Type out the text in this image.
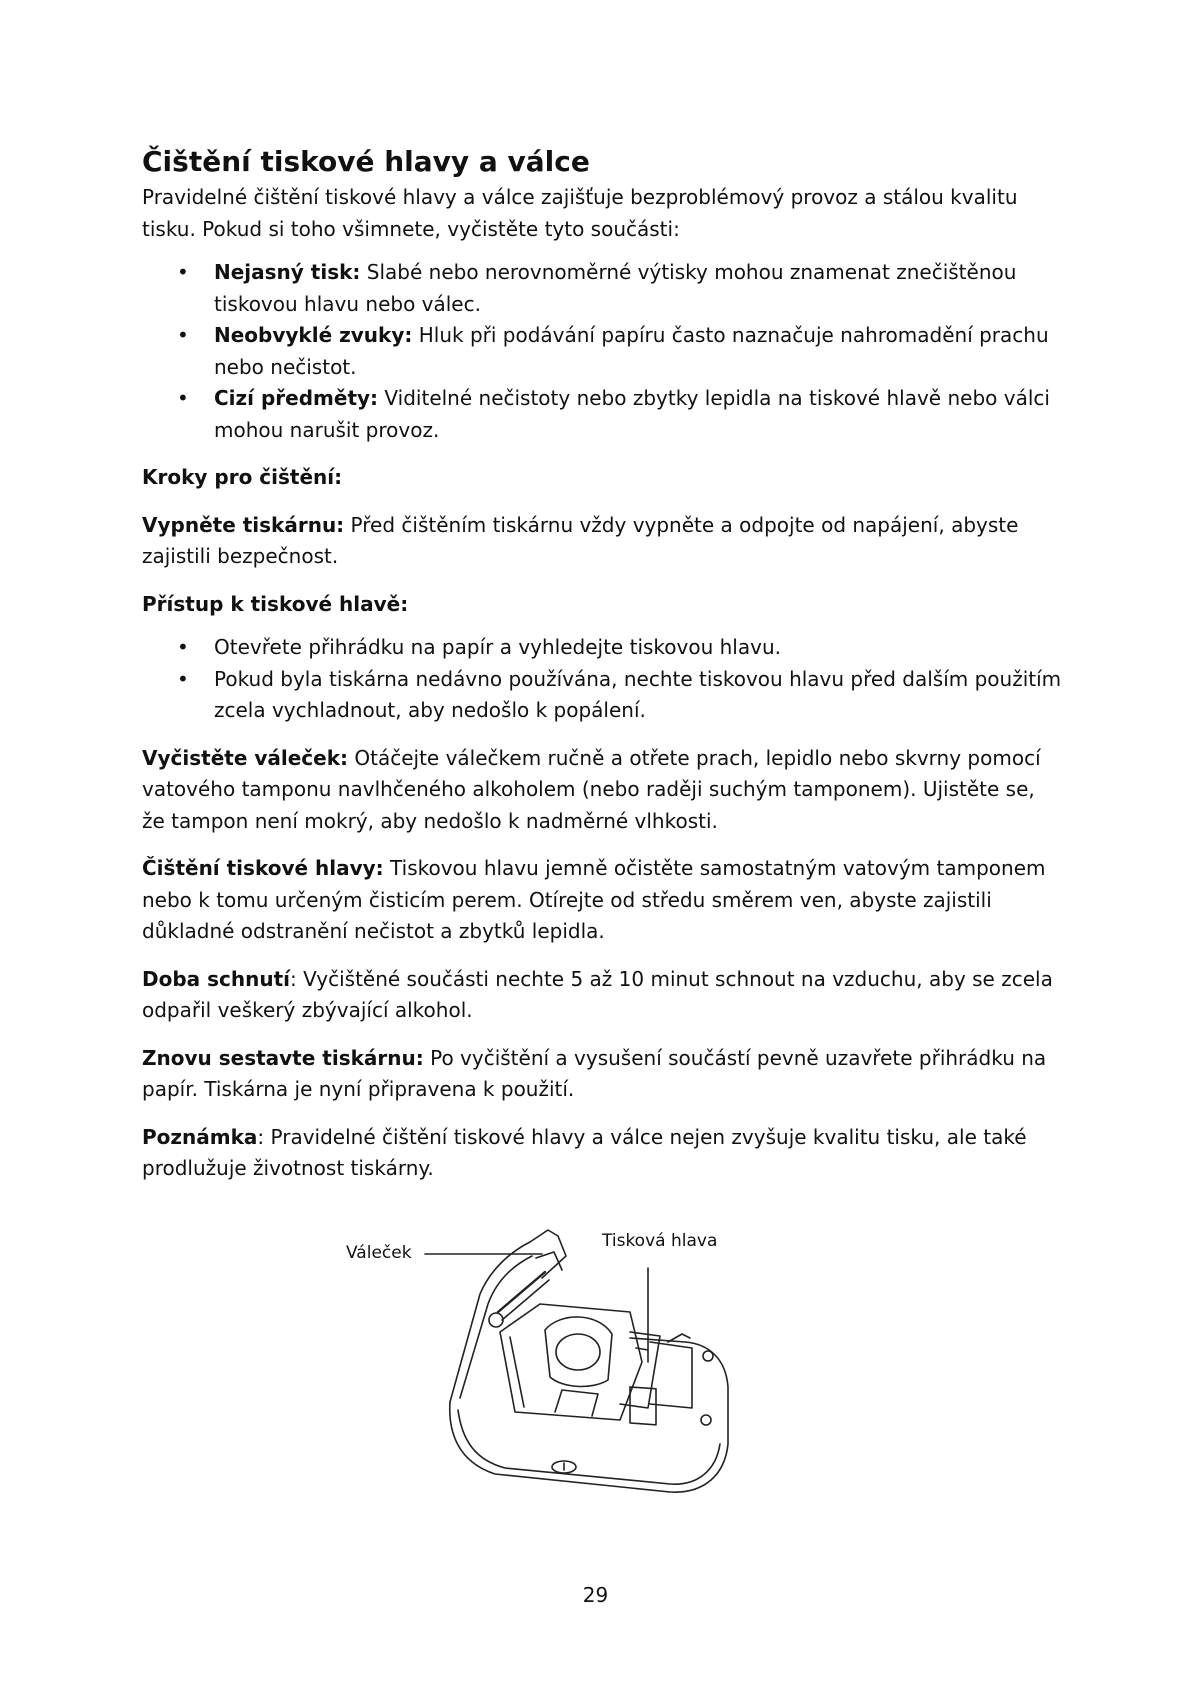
Čištění tiskové hlavy a válce

Pravidelné čištění tiskové hlavy a válce zajišťuje bezproblémový provoz a stálou kvalitu tisku. Pokud si toho všimnete, vyčistěte tyto součásti:

• Nejasný tisk: Slabé nebo nerovnoměrné výtisky mohou znamenat znečištěnou tiskovou hlavu nebo válec.
• Neobvyklé zvuky: Hluk při podávání papíru často naznačuje nahromadění prachu nebo nečistot.
• Cizí předměty: Viditelné nečistoty nebo zbytky lepidla na tiskové hlavě nebo válci mohou narušit provoz.

Kroky pro čištění:

Vypněte tiskárnu: Před čištěním tiskárnu vždy vypněte a odpojte od napájení, abyste zajistili bezpečnost.

Přístup k tiskové hlavě:

• Otevřete přihrádku na papír a vyhledejte tiskovou hlavu.
• Pokud byla tiskárna nedávno používána, nechte tiskovou hlavu před dalším použitím zcela vychladnout, aby nedošlo k popálení.

Vyčistěte váleček: Otáčejte válečkem ručně a otřete prach, lepidlo nebo skvrny pomocí vatového tamponu navlhčeného alkoholem (nebo raději suchým tamponem). Ujistěte se, že tampon není mokrý, aby nedošlo k nadměrné vlhkosti.

Čištění tiskové hlavy: Tiskovou hlavu jemně očistěte samostatným vatovým tamponem nebo k tomu určeným čisticím perem. Otírejte od středu směrem ven, abyste zajistili důkladné odstranění nečistot a zbytků lepidla.

Doba schnutí: Vyčištěné součásti nechte 5 až 10 minut schnout na vzduchu, aby se zcela odpařil veškerý zbývající alkohol.

Znovu sestavte tiskárnu: Po vyčištění a vysušení součástí pevně uzavřete přihrádku na papír. Tiskárna je nyní připravena k použití.

Poznámka: Pravidelné čištění tiskové hlavy a válce nejen zvyšuje kvalitu tisku, ale také prodlužuje životnost tiskárny.

Váleček
Tisková hlava
29
